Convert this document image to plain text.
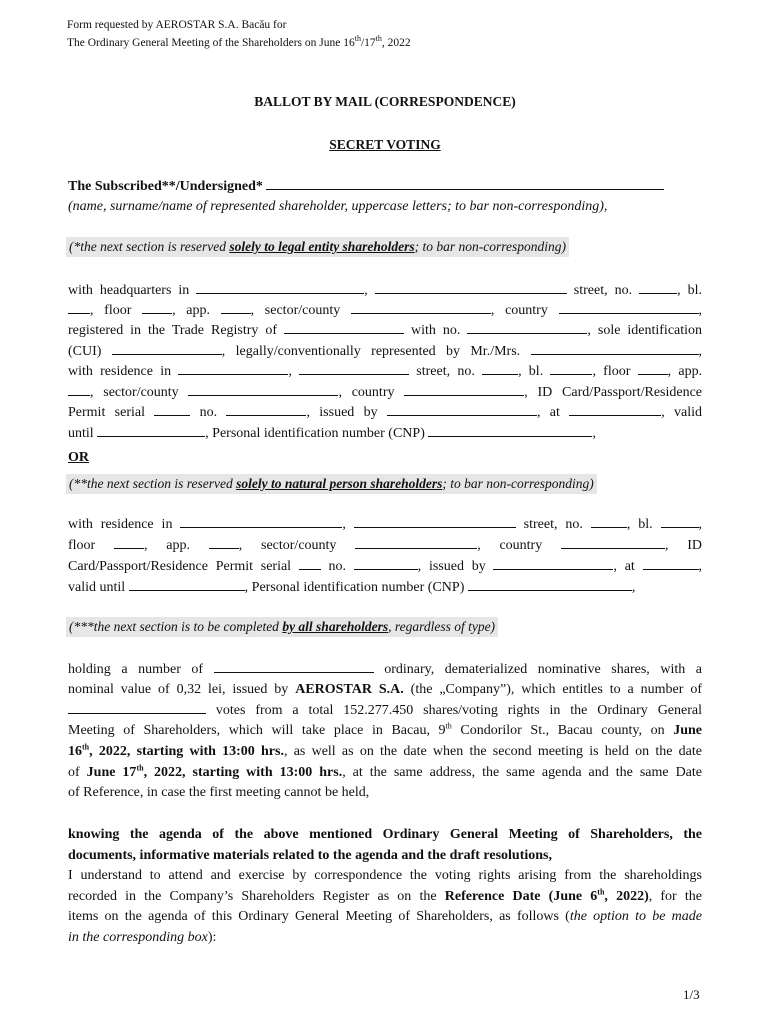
Form requested by AEROSTAR S.A. Bacău for
The Ordinary General Meeting of the Shareholders on June 16th/17th, 2022
BALLOT BY MAIL (CORRESPONDENCE)
SECRET VOTING
The Subscribed**/Undersigned*
(name, surname/name of represented shareholder, uppercase letters; to bar non-corresponding),
(*the next section is reserved solely to legal entity shareholders; to bar non-corresponding)
with headquarters in	,	street, no.	, bl.
, floor	, app.	, sector/county	, country	,
registered in the Trade Registry of	with no.	, sole identification
(CUI)	, legally/conventionally represented by Mr./Mrs.	,
with residence in	,	street, no.	, bl.	, floor	, app.
, sector/county	, country	, ID Card/Passport/Residence
Permit serial	no.	, issued by	, at	, valid
until	, Personal identification number (CNP)	,
OR
(**the next section is reserved solely to natural person shareholders; to bar non-corresponding)
with residence in	,	street, no.	, bl.	,
floor	, app.	, sector/county	, country	, ID
Card/Passport/Residence Permit serial	no.	, issued by	, at	,
valid until	, Personal identification number (CNP)	,
(***the next section is to be completed by all shareholders, regardless of type)
holding a number of	ordinary, dematerialized nominative shares, with a
nominal value of 0,32 lei, issued by AEROSTAR S.A. (the „Company”), which entitles to a number of
votes from a total 152.277.450 shares/voting rights in the Ordinary General
Meeting of Shareholders, which will take place in Bacau, 9th Condorilor St., Bacau county, on June
16th, 2022, starting with 13:00 hrs., as well as on the date when the second meeting is held on the date
of June 17th, 2022, starting with 13:00 hrs., at the same address, the same agenda and the same Date
of Reference, in case the first meeting cannot be held,
knowing the agenda of the above mentioned Ordinary General Meeting of Shareholders, the
documents, informative materials related to the agenda and the draft resolutions,
I understand to attend and exercise by correspondence the voting rights arising from the shareholdings
recorded in the Company’s Shareholders Register as on the Reference Date (June 6th, 2022), for the
items on the agenda of this Ordinary General Meeting of Shareholders, as follows (the option to be made
in the corresponding box):
1/3
